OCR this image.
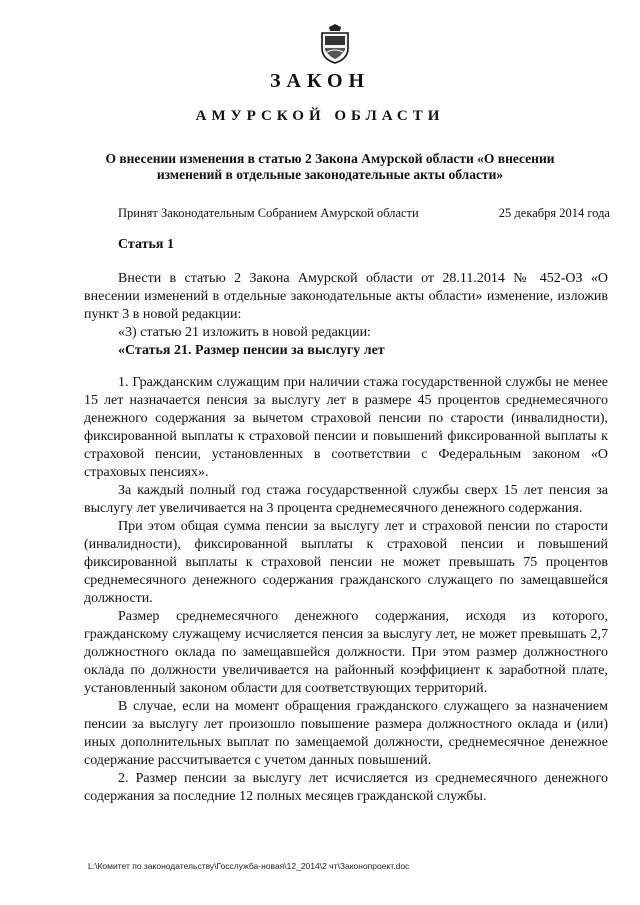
ЗАКОН
АМУРСКОЙ ОБЛАСТИ
О внесении изменения в статью 2 Закона Амурской области «О внесении изменений в отдельные законодательные акты области»
Принят Законодательным Собранием Амурской области	25 декабря 2014 года
Статья 1

Внести в статью 2 Закона Амурской области от 28.11.2014 № 452-ОЗ «О внесении изменений в отдельные законодательные акты области» изменение, изложив пункт 3 в новой редакции:

«3) статью 21 изложить в новой редакции:

«Статья 21. Размер пенсии за выслугу лет

1. Гражданским служащим при наличии стажа государственной службы не менее 15 лет назначается пенсия за выслугу лет в размере 45 процентов среднемесячного денежного содержания за вычетом страховой пенсии по старости (инвалидности), фиксированной выплаты к страховой пенсии и повышений фиксированной выплаты к страховой пенсии, установленных в соответствии с Федеральным законом «О страховых пенсиях».

За каждый полный год стажа государственной службы сверх 15 лет пенсия за выслугу лет увеличивается на 3 процента среднемесячного денежного содержания.

При этом общая сумма пенсии за выслугу лет и страховой пенсии по старости (инвалидности), фиксированной выплаты к страховой пенсии и повышений фиксированной выплаты к страховой пенсии не может превышать 75 процентов среднемесячного денежного содержания гражданского служащего по замещавшейся должности.

Размер среднемесячного денежного содержания, исходя из которого, гражданскому служащему исчисляется пенсия за выслугу лет, не может превышать 2,7 должностного оклада по замещавшейся должности. При этом размер должностного оклада по должности увеличивается на районный коэффициент к заработной плате, установленный законом области для соответствующих территорий.

В случае, если на момент обращения гражданского служащего за назначением пенсии за выслугу лет произошло повышение размера должностного оклада и (или) иных дополнительных выплат по замещаемой должности, среднемесячное денежное содержание рассчитывается с учетом данных повышений.

2. Размер пенсии за выслугу лет исчисляется из среднемесячного денежного содержания за последние 12 полных месяцев гражданской службы.

L:\Комитет по законодательству\Госслужба-новая\12_2014\2 чт\Законопроект.doc
